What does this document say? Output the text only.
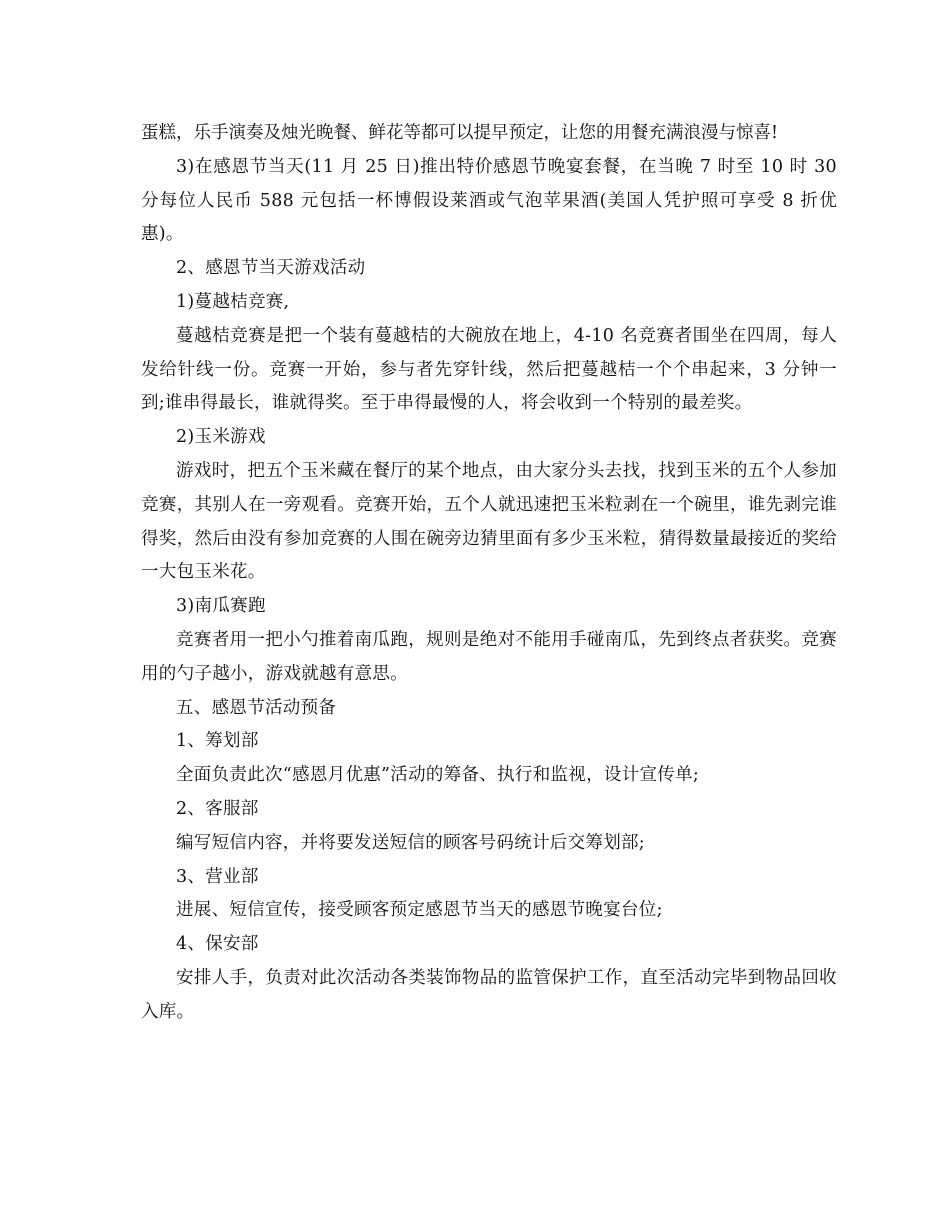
蛋糕，乐手演奏及烛光晚餐、鲜花等都可以提早预定，让您的用餐充满浪漫与惊喜!

3)在感恩节当天(11 月 25 日)推出特价感恩节晚宴套餐，在当晚 7 时至 10 时 30 分每位人民币 588 元包括一杯博假设莱酒或气泡苹果酒(美国人凭护照可享受 8 折优惠)。

2、感恩节当天游戏活动

1)蔓越桔竞赛,

蔓越桔竞赛是把一个装有蔓越桔的大碗放在地上，4-10 名竞赛者围坐在四周，每人发给针线一份。竞赛一开始，参与者先穿针线，然后把蔓越桔一个个串起来，3 分钟一到;谁串得最长，谁就得奖。至于串得最慢的人，将会收到一个特别的最差奖。

2)玉米游戏

游戏时，把五个玉米藏在餐厅的某个地点，由大家分头去找，找到玉米的五个人参加竞赛，其别人在一旁观看。竞赛开始，五个人就迅速把玉米粒剥在一个碗里，谁先剥完谁得奖，然后由没有参加竞赛的人围在碗旁边猜里面有多少玉米粒，猜得数量最接近的奖给一大包玉米花。

3)南瓜赛跑

竞赛者用一把小勺推着南瓜跑，规则是绝对不能用手碰南瓜，先到终点者获奖。竞赛用的勺子越小，游戏就越有意思。

五、感恩节活动预备

1、筹划部

全面负责此次“感恩月优惠”活动的筹备、执行和监视，设计宣传单;

2、客服部

编写短信内容，并将要发送短信的顾客号码统计后交筹划部;

3、营业部

进展、短信宣传，接受顾客预定感恩节当天的感恩节晚宴台位;

4、保安部

安排人手，负责对此次活动各类装饰物品的监管保护工作，直至活动完毕到物品回收入库。
